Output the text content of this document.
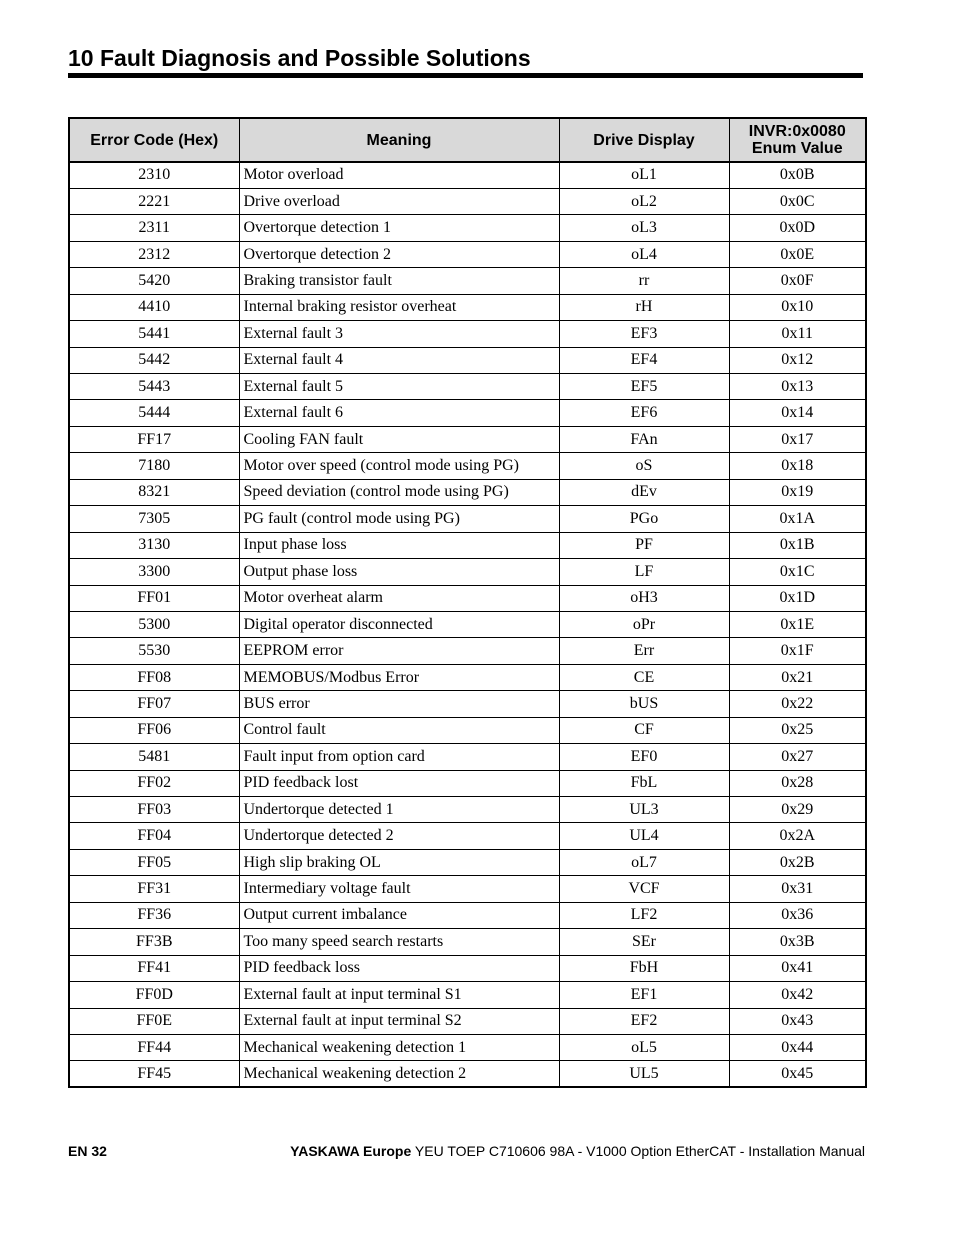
10 Fault Diagnosis and Possible Solutions
Error Code (Hex)	Meaning	Drive Display	INVR:0x0080
Enum Value
2310	Motor overload	oL1	0x0B
2221	Drive overload	oL2	0x0C
2311	Overtorque detection 1	oL3	0x0D
2312	Overtorque detection 2	oL4	0x0E
5420	Braking transistor fault	rr	0x0F
4410	Internal braking resistor overheat	rH	0x10
5441	External fault 3	EF3	0x11
5442	External fault 4	EF4	0x12
5443	External fault 5	EF5	0x13
5444	External fault 6	EF6	0x14
FF17	Cooling FAN fault	FAn	0x17
7180	Motor over speed (control mode using PG)	oS	0x18
8321	Speed deviation (control mode using PG)	dEv	0x19
7305	PG fault (control mode using PG)	PGo	0x1A
3130	Input phase loss	PF	0x1B
3300	Output phase loss	LF	0x1C
FF01	Motor overheat alarm	oH3	0x1D
5300	Digital operator disconnected	oPr	0x1E
5530	EEPROM error	Err	0x1F
FF08	MEMOBUS/Modbus Error	CE	0x21
FF07	BUS error	bUS	0x22
FF06	Control fault	CF	0x25
5481	Fault input from option card	EF0	0x27
FF02	PID feedback lost	FbL	0x28
FF03	Undertorque detected 1	UL3	0x29
FF04	Undertorque detected 2	UL4	0x2A
FF05	High slip braking OL	oL7	0x2B
FF31	Intermediary voltage fault	VCF	0x31
FF36	Output current imbalance	LF2	0x36
FF3B	Too many speed search restarts	SEr	0x3B
FF41	PID feedback loss	FbH	0x41
FF0D	External fault at input terminal S1	EF1	0x42
FF0E	External fault at input terminal S2	EF2	0x43
FF44	Mechanical weakening detection 1	oL5	0x44
FF45	Mechanical weakening detection 2	UL5	0x45
EN 32	YASKAWA Europe YEU TOEP C710606 98A - V1000 Option EtherCAT - Installation Manual
